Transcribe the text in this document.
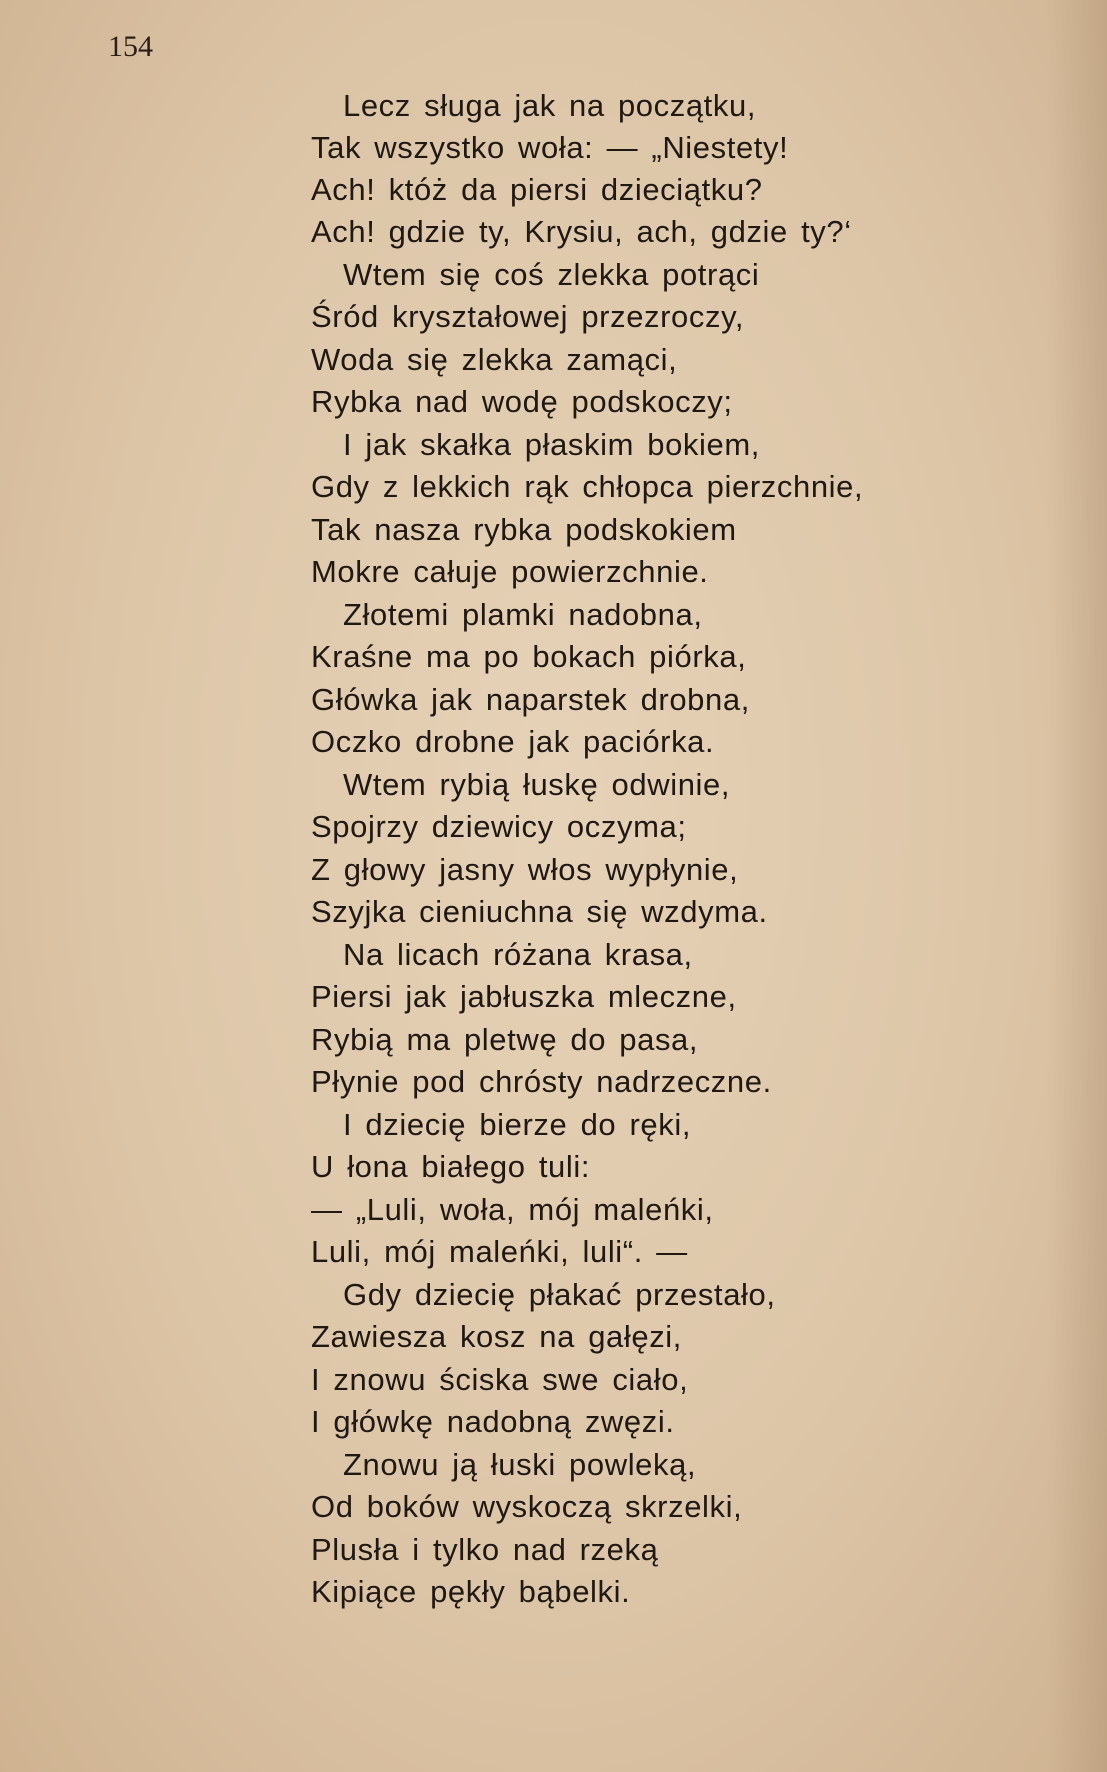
154
Lecz sługa jak na początku,
Tak wszystko woła: — „Niestety!
Ach! któż da piersi dzieciątku?
Ach! gdzie ty, Krysiu, ach, gdzie ty?‘
Wtem się coś zlekka potrąci
Śród kryształowej przezroczy,
Woda się zlekka zamąci,
Rybka nad wodę podskoczy;
I jak skałka płaskim bokiem,
Gdy z lekkich rąk chłopca pierzchnie,
Tak nasza rybka podskokiem
Mokre całuje powierzchnie.
Złotemi plamki nadobna,
Kraśne ma po bokach piórka,
Główka jak naparstek drobna,
Oczko drobne jak paciórka.
Wtem rybią łuskę odwinie,
Spojrzy dziewicy oczyma;
Z głowy jasny włos wypłynie,
Szyjka cieniuchna się wzdyma.
Na licach różana krasa,
Piersi jak jabłuszka mleczne,
Rybią ma pletwę do pasa,
Płynie pod chrósty nadrzeczne.
I dziecię bierze do ręki,
U łona białego tuli:
— „Luli, woła, mój maleńki,
Luli, mój maleńki, luli“. —
Gdy dziecię płakać przestało,
Zawiesza kosz na gałęzi,
I znowu ściska swe ciało,
I główkę nadobną zwęzi.
Znowu ją łuski powleką,
Od boków wyskoczą skrzelki,
Plusła i tylko nad rzeką
Kipiące pękły bąbelki.
